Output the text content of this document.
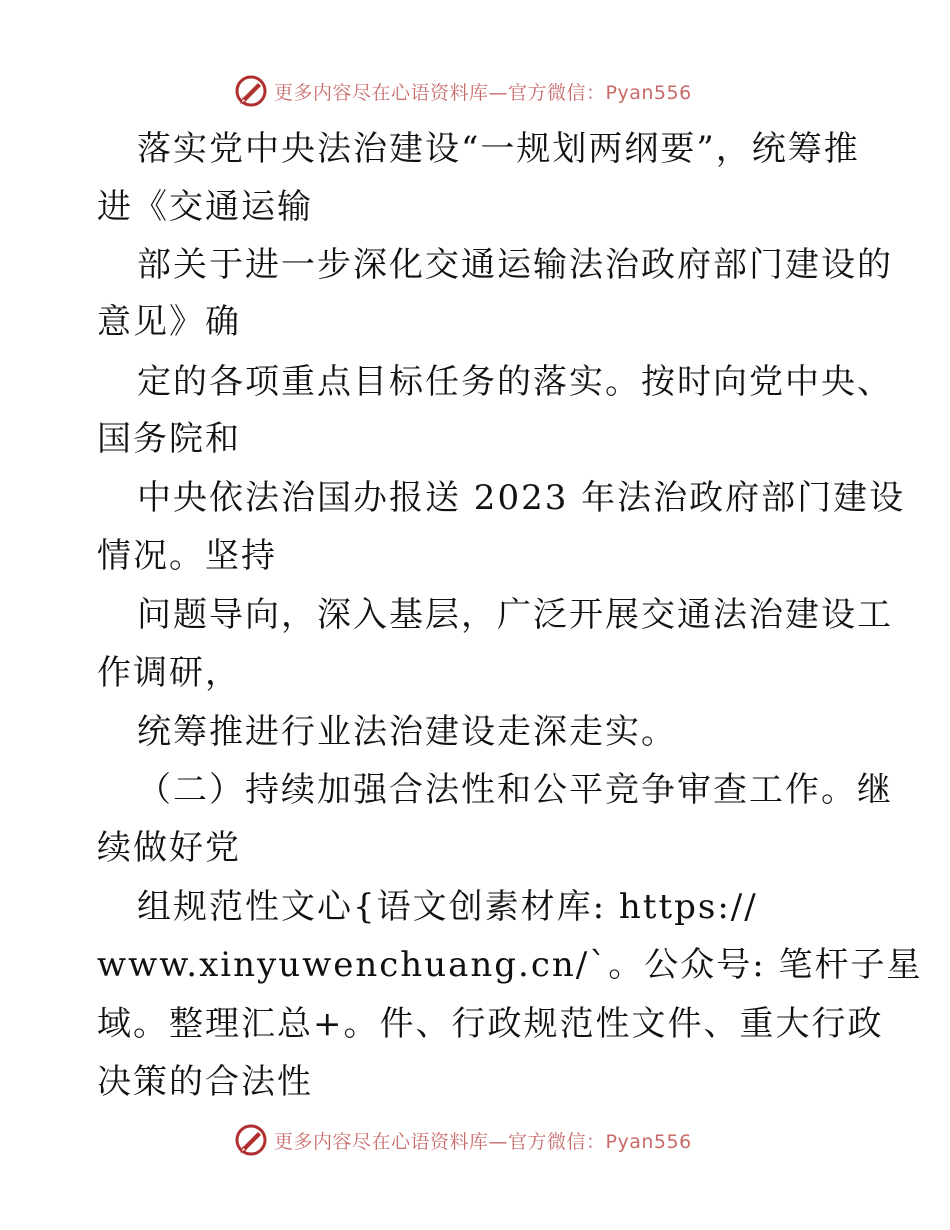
更多内容尽在心语资料库—官方微信：Pyan556
落实党中央法治建设“一规划两纲要”，统筹推
进《交通运输
部关于进一步深化交通运输法治政府部门建设的
意见》确
定的各项重点目标任务的落实。按时向党中央、
国务院和
中央依法治国办报送 2023 年法治政府部门建设
情况。坚持
问题导向，深入基层，广泛开展交通法治建设工
作调研，
统筹推进行业法治建设走深走实。
（二）持续加强合法性和公平竞争审查工作。继
续做好党
组规范性文心{语文创素材库: https://
www.xinyuwenchuang.cn/`。公众号: 笔杆子星
域。整理汇总+。件、行政规范性文件、重大行政
决策的合法性
更多内容尽在心语资料库—官方微信：Pyan556
